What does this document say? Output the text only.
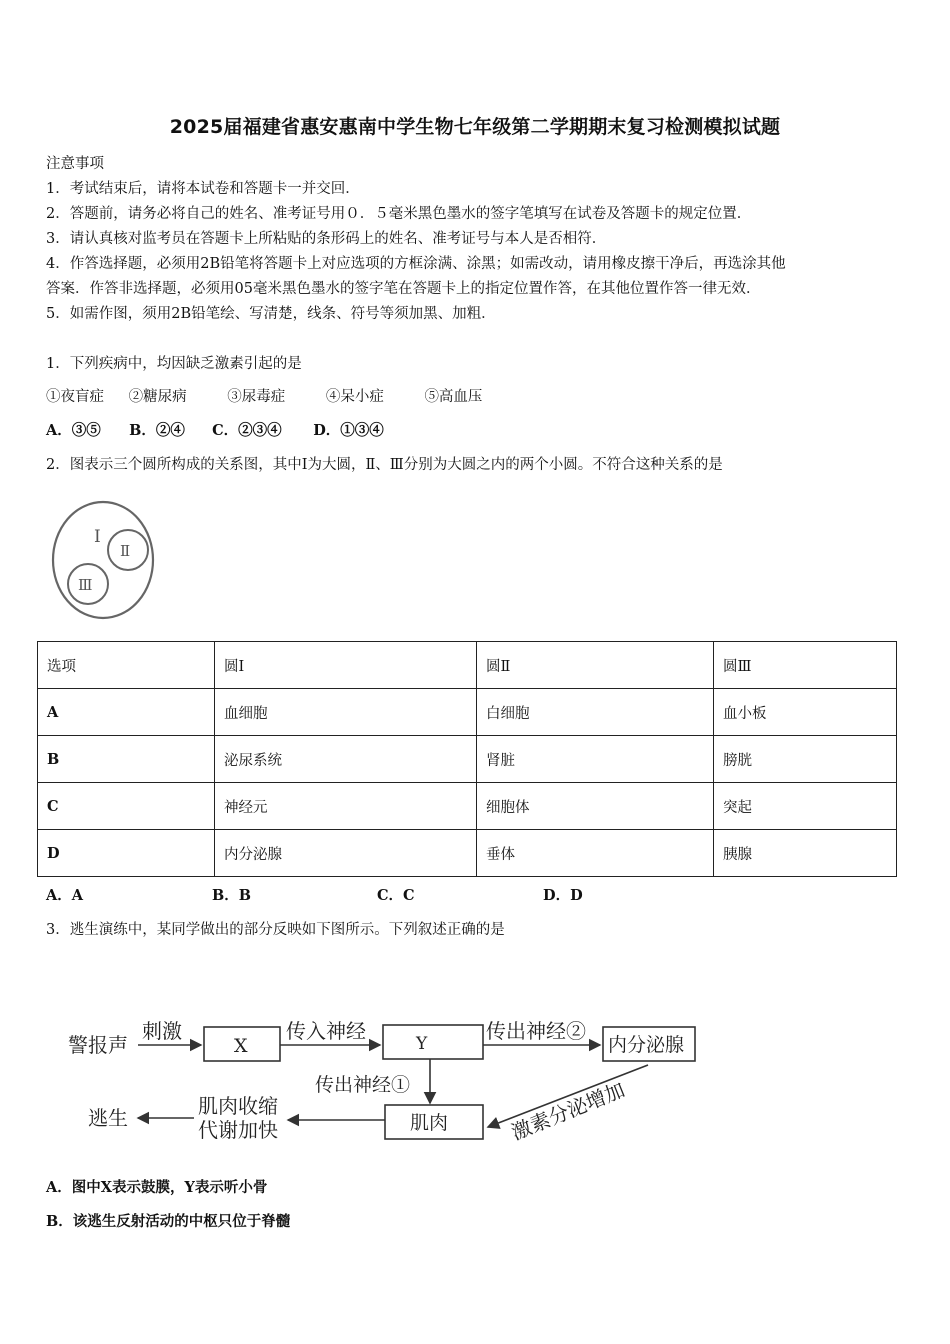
2025届福建省惠安惠南中学生物七年级第二学期期末复习检测模拟试题
注意事项
1．考试结束后，请将本试卷和答题卡一并交回．
2．答题前，请务必将自己的姓名、准考证号用０．５毫米黑色墨水的签字笔填写在试卷及答题卡的规定位置．
3．请认真核对监考员在答题卡上所粘贴的条形码上的姓名、准考证号与本人是否相符．
4．作答选择题，必须用2B铅笔将答题卡上对应选项的方框涂满、涂黑；如需改动，请用橡皮擦干净后，再选涂其他
答案．作答非选择题，必须用05毫米黑色墨水的签字笔在答题卡上的指定位置作答，在其他位置作答一律无效．
5．如需作图，须用2B铅笔绘、写清楚，线条、符号等须加黑、加粗．
1．下列疾病中，均因缺乏激素引起的是
①夜盲症 ②糖尿病	③尿毒症	④呆小症	⑤高血压
A．③⑤ B．②④ C．②③④ D．①③④
2．图表示三个圆所构成的关系图，其中Ⅰ为大圆，Ⅱ、Ⅲ分别为大圆之内的两个小圆。不符合这种关系的是
Ⅰ
Ⅱ
Ⅲ
选项	圆Ⅰ	圆Ⅱ	圆Ⅲ
A	血细胞	白细胞	血小板
B	泌尿系统	肾脏	膀胱
C	神经元	细胞体	突起
D	内分泌腺	垂体	胰腺
A．A	B．B	C．C	D．D
3．逃生演练中，某同学做出的部分反映如下图所示。下列叙述正确的是
警报声
刺激
X
传入神经
Y
传出神经②
内分泌腺
传出神经①
肌肉
肌肉收缩
代谢加快
逃生	激素分泌增加
A．图中X表示鼓膜，Y表示听小骨
B．该逃生反射活动的中枢只位于脊髓
